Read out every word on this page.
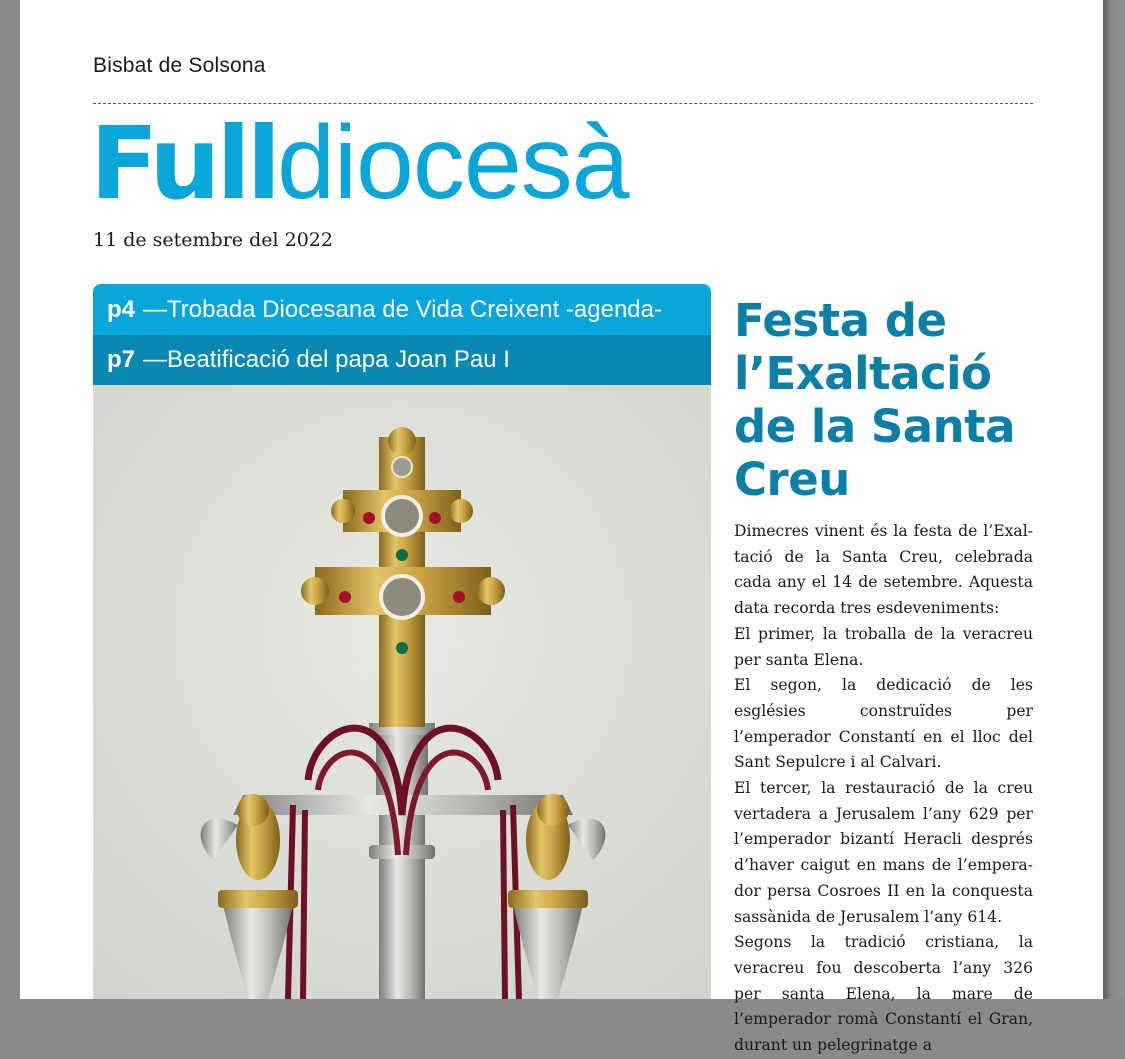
Bisbat de Solsona
Fulldiocesà
11 de setembre del 2022
p4 —Trobada Diocesana de Vida Creixent -agenda-
p7 —Beatificació del papa Joan Pau I
Festa de l’Exaltació de la Santa Creu

Dimecres vinent és la festa de l’Exaltació de la Santa Creu, celebrada cada any el 14 de setembre. Aquesta data recorda tres esdeveniments:

El primer, la troballa de la veracreu per santa Elena.

El segon, la dedicació de les esglésies construïdes per l’emperador Constantí en el lloc del Sant Sepulcre i al Calvari.

El tercer, la restauració de la creu vertadera a Jerusalem l’any 629 per l’emperador bizantí Heracli després d’haver caigut en mans de l’emperador persa Cosroes II en la conquesta sassànida de Jerusalem l’any 614.

Segons la tradició cristiana, la veracreu fou descoberta l’any 326 per santa Elena, la mare de l’emperador romà Constantí el Gran, durant un pelegrinatge a
